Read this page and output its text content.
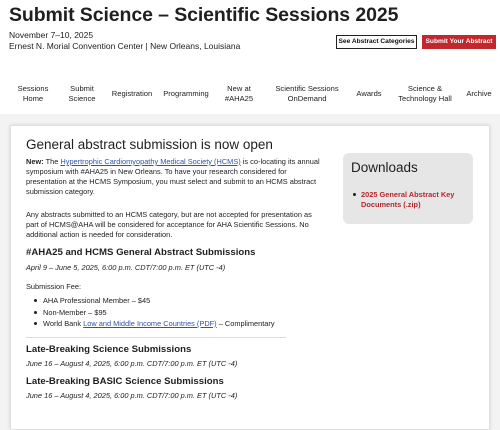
Submit Science – Scientific Sessions 2025
November 7–10, 2025
Ernest N. Morial Convention Center | New Orleans, Louisiana	See Abstract Categories	Submit Your Abstract
Sessions
Home
Submit
Science
Registration Programming
New at
#AHA25
Scientific Sessions
OnDemand
Awards
Science &
Technology Hall
Archive
General abstract submission is now open
New: The Hypertrophic Cardiomyopathy Medical Society (HCMS) is co-locating its annual symposium with #AHA25 in New Orleans. To have your research considered for presentation at the HCMS Symposium, you must select and submit to an HCMS abstract submission category.
Any abstracts submitted to an HCMS category, but are not accepted for presentation as part of HCMS@AHA will be considered for acceptance for AHA Scientific Sessions. No additional action is needed for consideration.
#AHA25 and HCMS General Abstract Submissions
April 9 – June 5, 2025, 6:00 p.m. CDT/7:00 p.m. ET (UTC -4)
Submission Fee:
AHA Professional Member – $45
Non-Member – $95
World Bank Low and Middle Income Countries (PDF) – Complimentary
Late-Breaking Science Submissions
June 16 – August 4, 2025, 6:00 p.m. CDT/7:00 p.m. ET (UTC -4)
Late-Breaking BASIC Science Submissions
June 16 – August 4, 2025, 6:00 p.m. CDT/7:00 p.m. ET (UTC -4)
Downloads
2025 General Abstract Key Documents (.zip)
